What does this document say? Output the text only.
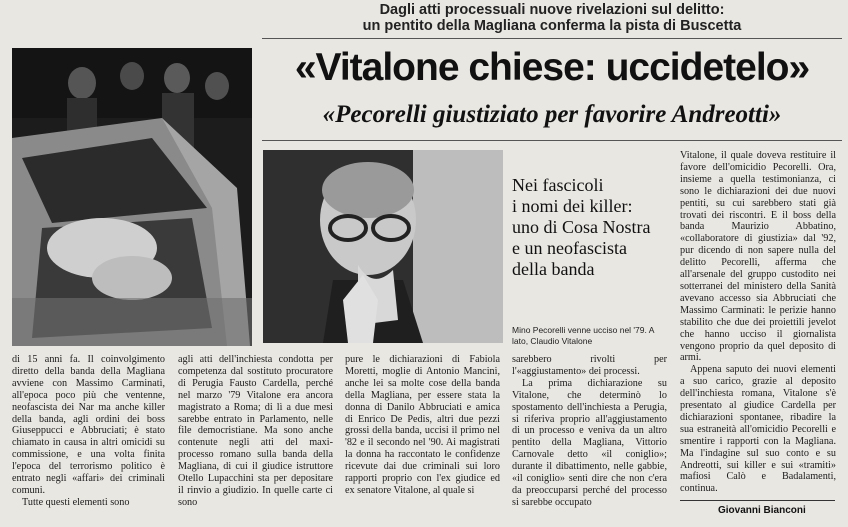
Dagli atti processuali nuove rivelazioni sul delitto:
un pentito della Magliana conferma la pista di Buscetta
«Vitalone chiese: uccidetelo»
«Pecorelli giustiziato per favorire Andreotti»
Nei fascicoli
i nomi dei killer:
uno di Cosa Nostra
e un neofascista
della banda
Mino Pecorelli venne ucciso nel '79. A lato, Claudio Vitalone

di 15 anni fa. Il coinvolgimento diretto della banda della Magliana avviene con Massimo Carminati, all'epoca poco più che ventenne, neofascista dei Nar ma anche killer della banda, agli ordini dei boss Giuseppucci e Abbruciati; è stato chiamato in causa in altri omicidi su commissione, e una volta finita l'epoca del terrorismo politico è entrato negli «affari» dei criminali comuni.

Tutte questi elementi sono

agli atti dell'inchiesta condotta per competenza dal sostituto procuratore di Perugia Fausto Cardella, perché nel marzo '79 Vitalone era ancora magistrato a Roma; di lì a due mesi sarebbe entrato in Parlamento, nelle file democristiane. Ma sono anche contenute negli atti del maxi-processo romano sulla banda della Magliana, di cui il giudice istruttore Otello Lupacchini sta per depositare il rinvio a giudizio. In quelle carte ci sono

pure le dichiarazioni di Fabiola Moretti, moglie di Antonio Mancini, anche lei sa molte cose della banda della Magliana, per essere stata la donna di Danilo Abbruciati e amica di Enrico De Pedis, altri due pezzi grossi della banda, uccisi il primo nel '82 e il secondo nel '90. Ai magistrati la donna ha raccontato le confidenze ricevute dai due criminali sui loro rapporti proprio con l'ex giudice ed ex senatore Vitalone, al quale si

sarebbero rivolti per l'«aggiustamento» dei processi.

La prima dichiarazione su Vitalone, che determinò lo spostamento dell'inchiesta a Perugia, si riferiva proprio all'aggiustamento di un processo e veniva da un altro pentito della Magliana, Vittorio Carnovale detto «il coniglio»; durante il dibattimento, nelle gabbie, «il coniglio» sentì dire che non c'era da preoccuparsi perché del processo si sarebbe occupato

Vitalone, il quale doveva restituire il favore dell'omicidio Pecorelli. Ora, insieme a quella testimonianza, ci sono le dichiarazioni dei due nuovi pentiti, su cui sarebbero stati già trovati dei riscontri. E il boss della banda Maurizio Abbatino, «collaboratore di giustizia» dal '92, pur dicendo di non sapere nulla del delitto Pecorelli, afferma che all'arsenale del gruppo custodito nei sotterranei del ministero della Sanità avevano accesso sia Abbruciati che Massimo Carminati: le perizie hanno stabilito che due dei proiettili jevelot che hanno ucciso il giornalista vengono proprio da quel deposito di armi.

Appena saputo dei nuovi elementi a suo carico, grazie al deposito dell'inchiesta romana, Vitalone s'è presentato al giudice Cardella per dichiarazioni spontanee, ribadire la sua estraneità all'omicidio Pecorelli e smentire i rapporti con la Magliana. Ma l'indagine sul suo conto e su Andreotti, sui killer e sui «tramiti» mafiosi Calò e Badalamenti, continua.

Giovanni Bianconi
